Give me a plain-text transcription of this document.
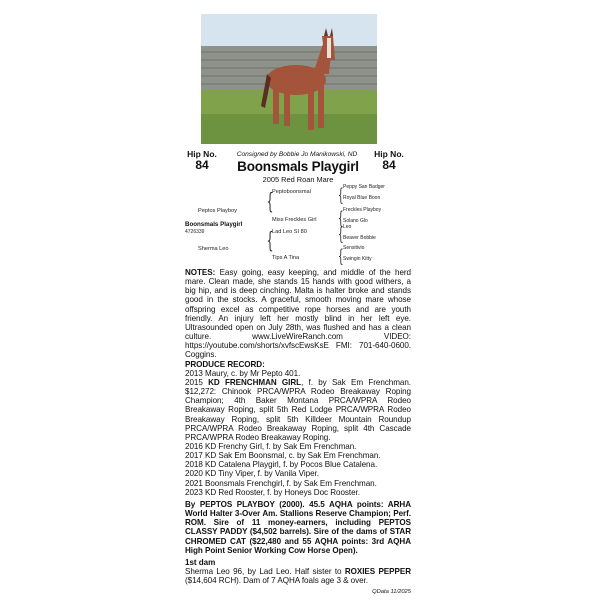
Hip No.
84
Hip No.
84
Consigned by Bobbie Jo Manikowski, ND
Boonsmals Playgirl
2005 Red Roan Mare
Peptos Playboy {
Peptoboonsmal
Miss Freckles Girl
{ Peppy San Badger
Royal Blue Boon
{ Freckles Playboy
Solano Glo
Boonsmals Playgirl
4726339
Sherma Leo {
Lad Leo SI 80
Tips A Tina
{ Leo
Beaver Bobbie
{ Sensitivio
Swingin Kitty

NOTES: Easy going, easy keeping, and middle of the herd mare. Clean made, she stands 15 hands with good withers, a big hip, and is deep cinching. Malta is halter broke and stands good in the stocks. A graceful, smooth moving mare whose offspring excel as competitive rope horses and are youth friendly. An injury left her mostly blind in her left eye. Ultrasounded open on July 28th, was flushed and has a clean culture. www.LiveWireRanch.com VIDEO: https://youtube.com/shorts/xvfscEwsKsE FMI: 701-640-0600. Coggins.

PRODUCE RECORD:

2013 Maury, c. by Mr Pepto 401.

2015 KD FRENCHMAN GIRL, f. by Sak Em Frenchman. $12,272: Chinook PRCA/WPRA Rodeo Breakaway Roping Champion; 4th Baker Montana PRCA/WPRA Rodeo Breakaway Roping, split 5th Red Lodge PRCA/WPRA Rodeo Breakaway Roping, split 5th Killdeer Mountain Roundup PRCA/WPRA Rodeo Breakaway Roping, split 4th Cascade PRCA/WPRA Rodeo Breakaway Roping.

2016 KD Frenchy Girl, f. by Sak Em Frenchman.

2017 KD Sak Em Boonsmal, c. by Sak Em Frenchman.

2018 KD Catalena Playgirl, f. by Pocos Blue Catalena.

2020 KD Tiny Viper, f. by Vanila Viper.

2021 Boonsmals Frenchgirl, f. by Sak Em Frenchman.

2023 KD Red Rooster, f. by Honeys Doc Rooster.

By PEPTOS PLAYBOY (2000). 45.5 AQHA points: ARHA World Halter 3-Over Am. Stallions Reserve Champion; Perf. ROM. Sire of 11 money-earners, including PEPTOS CLASSY PADDY ($4,502 barrels). Sire of the dams of STAR CHROMED CAT ($22,480 and 55 AQHA points: 3rd AQHA High Point Senior Working Cow Horse Open).

1st dam

Sherma Leo 96, by Lad Leo. Half sister to ROXIES PEPPER ($14,604 RCH). Dam of 7 AQHA foals age 3 & over.

QData 11/2025
